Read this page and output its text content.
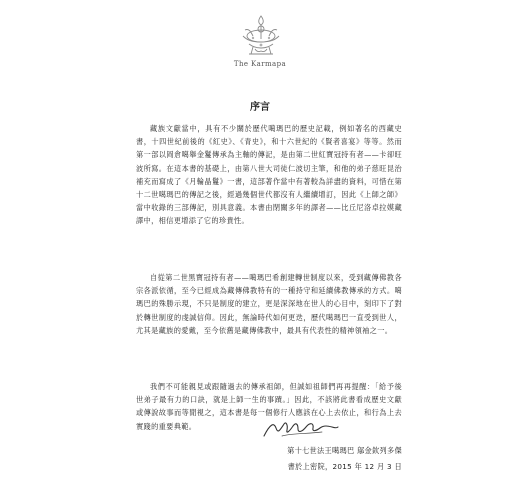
The Karmapa
序言

藏族文獻當中，具有不少關於歷代噶瑪巴的歷史記載，例如著名的西藏史書，十四世紀前後的《紅史》、《青史》，和十六世紀的《賢者喜宴》等等。然而第一部以岡倉噶舉金鬘傳承為主軸的傳記，是由第二世紅寶冠持有者——卡卻旺波所寫。在這本書的基礎上，由第八世大司徒仁波切主筆，和他的弟子慈旺昆治補充而寫成了《月輪晶鬘》一書，這部著作當中有著較為詳盡的資料，可惜在第十二世噶瑪巴的傳記之後，經過幾個世代都沒有人繼續增訂，因此《上師之師》當中收錄的三部傳記，別具意義。本書由閉關多年的譯者——比丘尼洛卓拉嫫藏譯中，相信更增添了它的珍貴性。

自從第二世黑寶冠持有者——噶瑪巴希創建轉世制度以來，受到藏傳佛教各宗各派依循，至今已經成為藏傳佛教特有的一種持守和延續佛教傳承的方式。噶瑪巴的殊勝示現，不只是制度的建立，更是深深地在世人的心目中，刻印下了對於轉世制度的虔誠信仰。因此，無論時代如何更迭，歷代噶瑪巴一直受到世人，尤其是藏族的愛戴，至今依舊是藏傳佛教中，最具有代表性的精神領袖之一。

我們不可能親見或跟隨過去的傳承祖師，但誠如祖師們再再提醒：「給予後世弟子最有力的口訣，就是上師一生的事蹟。」因此，不該將此書看成歷史文獻或傳說故事而等閒視之，這本書是每一個修行人應該在心上去依止，和行為上去實踐的重要典範。

第十七世法王噶瑪巴 鄔金欽列多傑
書於上密院，2015 年 12 月 3 日
